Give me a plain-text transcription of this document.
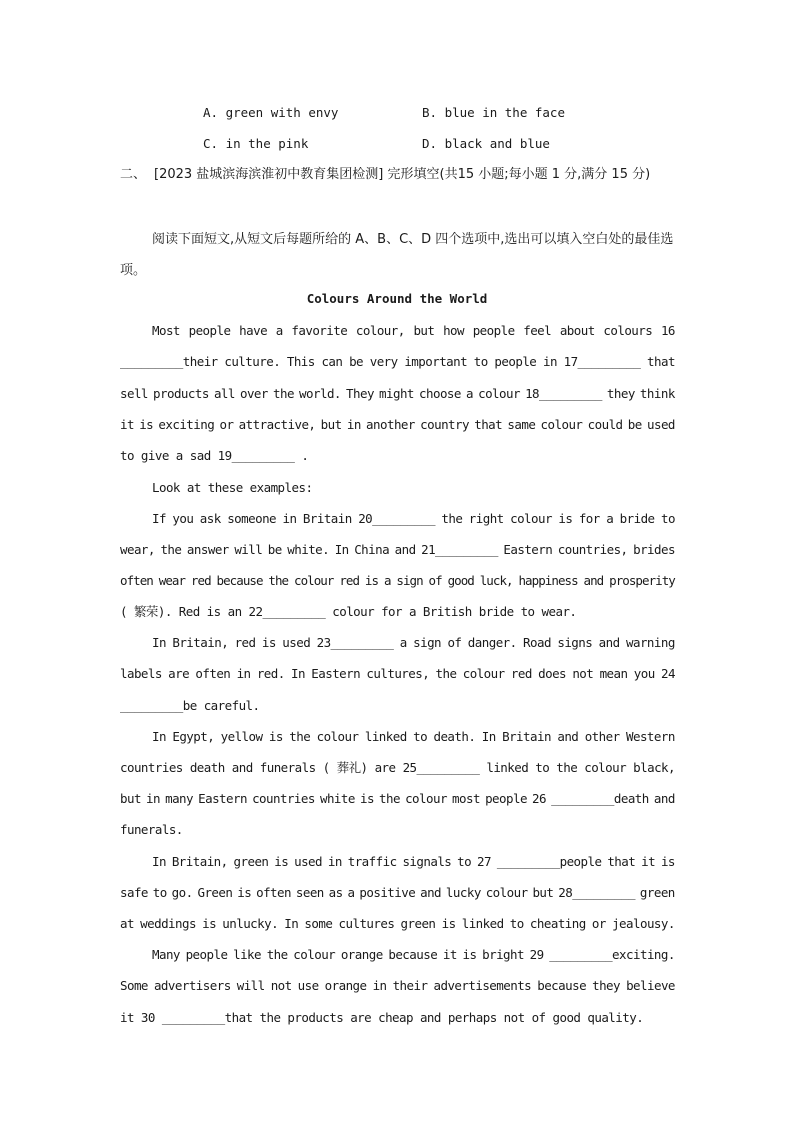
A. green with envy	B. blue in the face
C. in the pink	D. black and blue
二、 [2023 盐城滨海滨淮初中教育集团检测] 完形填空(共15 小题;每小题 1 分,满分 15 分)
阅读下面短文,从短文后每题所给的 A、B、C、D 四个选项中,选出可以填入空白处的最佳选项。
Colours Around the World
Most people have a favorite colour, but how people feel about colours 16
_________their culture. This can be very important to people in 17_________ that
sell products all over the world. They might choose a colour 18_________ they think
it is exciting or attractive, but in another country that same colour could be used
to give a sad 19_________ .
Look at these examples:
If you ask someone in Britain 20_________ the right colour is for a bride to
wear, the answer will be white. In China and 21_________ Eastern countries, brides
often wear red because the colour red is a sign of good luck, happiness and prosperity
( 繁荣). Red is an 22_________ colour for a British bride to wear.
In Britain, red is used 23_________ a sign of danger. Road signs and warning
labels are often in red. In Eastern cultures, the colour red does not mean you 24
_________be careful.
In Egypt, yellow is the colour linked to death. In Britain and other Western
countries death and funerals ( 葬礼) are 25_________ linked to the colour black,
but in many Eastern countries white is the colour most people 26 _________death and
funerals.
In Britain, green is used in traffic signals to 27 _________people that it is
safe to go. Green is often seen as a positive and lucky colour but 28_________ green
at weddings is unlucky. In some cultures green is linked to cheating or jealousy.
Many people like the colour orange because it is bright 29 _________exciting.
Some advertisers will not use orange in their advertisements because they believe
it 30 _________that the products are cheap and perhaps not of good quality.
